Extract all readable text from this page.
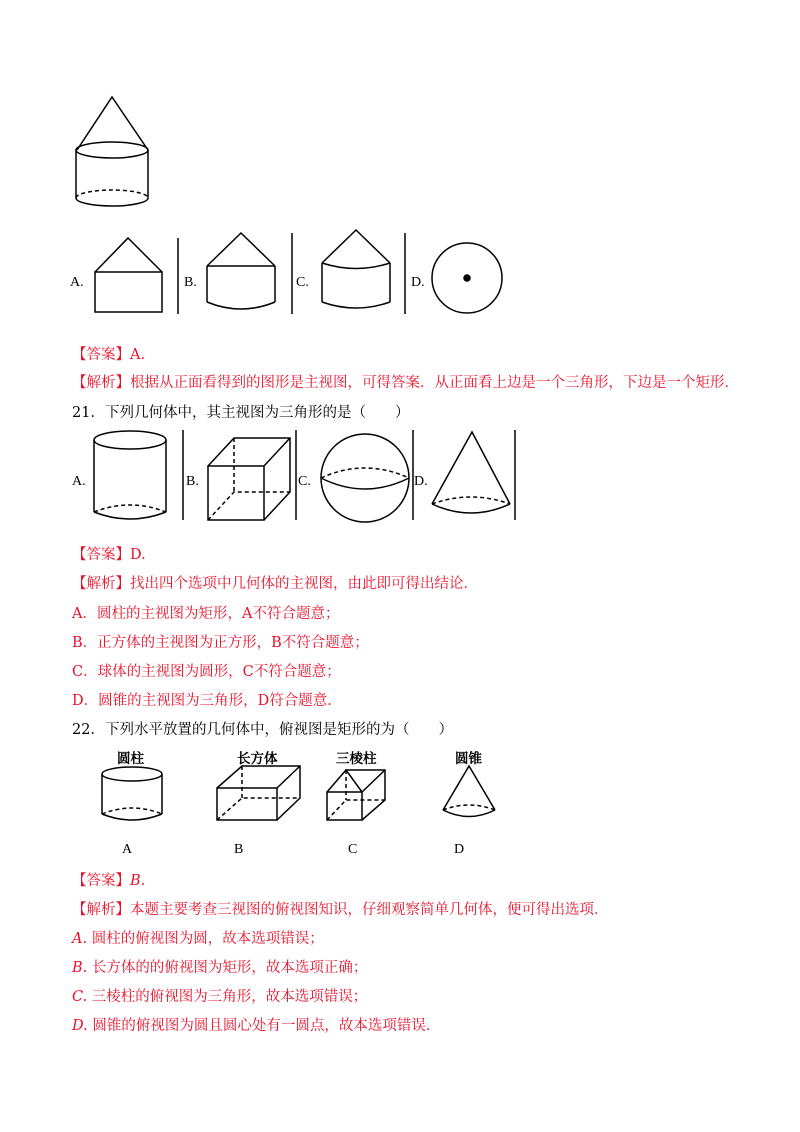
A.	B.	C.	D.
【答案】A.
【解析】根据从正面看得到的图形是主视图，可得答案．从正面看上边是一个三角形，下边是一个矩形．
21．下列几何体中，其主视图为三角形的是（　　）
A.	B.	C.	D.
【答案】D.
【解析】找出四个选项中几何体的主视图，由此即可得出结论．
A．圆柱的主视图为矩形，A不符合题意；
B．正方体的主视图为正方形，B不符合题意；
C．球体的主视图为圆形，C不符合题意；
D．圆锥的主视图为三角形，D符合题意．
22．下列水平放置的几何体中，俯视图是矩形的为（　　）
圆柱	长方体	三棱柱	圆锥
A	B	C	D
【答案】B.
【解析】本题主要考查三视图的俯视图知识，仔细观察简单几何体，便可得出选项．
A. 圆柱的俯视图为圆，故本选项错误；
B. 长方体的的俯视图为矩形，故本选项正确；
C. 三棱柱的俯视图为三角形，故本选项错误；
D. 圆锥的俯视图为圆且圆心处有一圆点，故本选项错误．
